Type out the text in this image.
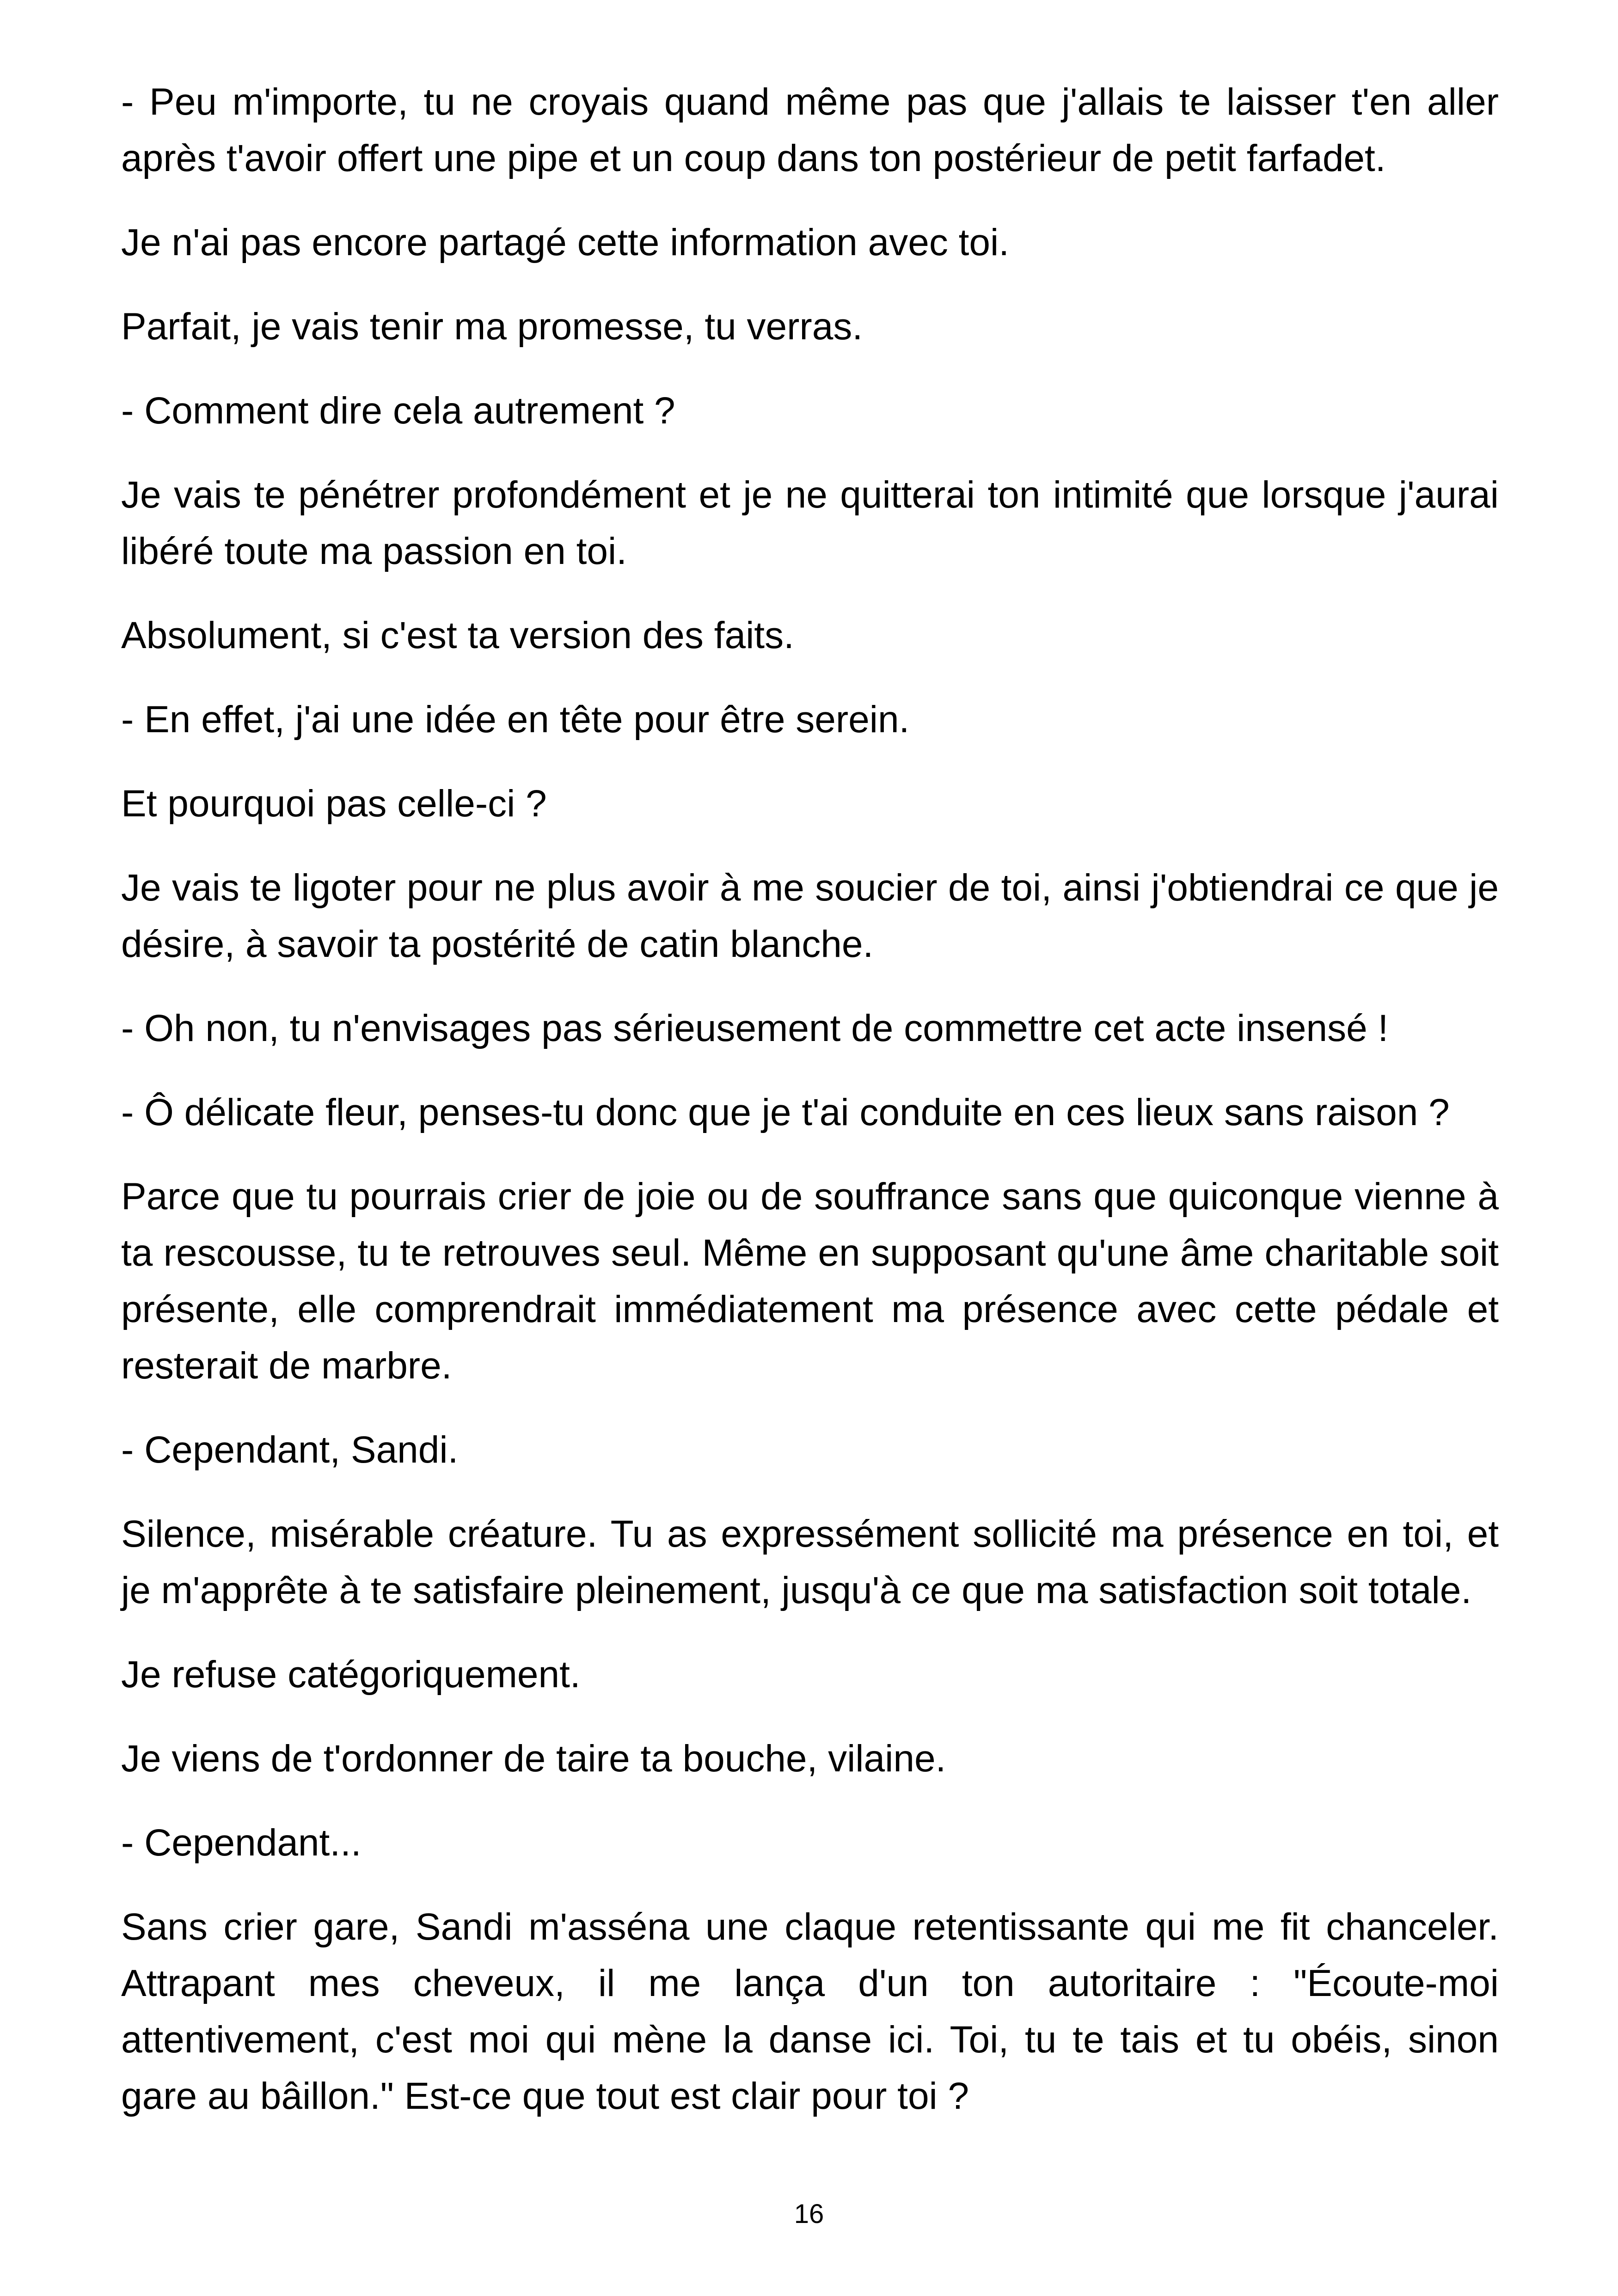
- Peu m'importe, tu ne croyais quand même pas que j'allais te laisser t'en aller après t'avoir offert une pipe et un coup dans ton postérieur de petit farfadet.

Je n'ai pas encore partagé cette information avec toi.

Parfait, je vais tenir ma promesse, tu verras.

- Comment dire cela autrement ?

Je vais te pénétrer profondément et je ne quitterai ton intimité que lorsque j'aurai libéré toute ma passion en toi.

Absolument, si c'est ta version des faits.

- En effet, j'ai une idée en tête pour être serein.

Et pourquoi pas celle-ci ?

Je vais te ligoter pour ne plus avoir à me soucier de toi, ainsi j'obtiendrai ce que je désire, à savoir ta postérité de catin blanche.

- Oh non, tu n'envisages pas sérieusement de commettre cet acte insensé !

- Ô délicate fleur, penses-tu donc que je t'ai conduite en ces lieux sans raison ?

Parce que tu pourrais crier de joie ou de souffrance sans que quiconque vienne à ta rescousse, tu te retrouves seul. Même en supposant qu'une âme charitable soit présente, elle comprendrait immédiatement ma présence avec cette pédale et resterait de marbre.

- Cependant, Sandi.

Silence, misérable créature. Tu as expressément sollicité ma présence en toi, et je m'apprête à te satisfaire pleinement, jusqu'à ce que ma satisfaction soit totale.

Je refuse catégoriquement.

Je viens de t'ordonner de taire ta bouche, vilaine.

- Cependant...

Sans crier gare, Sandi m'asséna une claque retentissante qui me fit chanceler. Attrapant mes cheveux, il me lança d'un ton autoritaire : "Écoute-moi attentivement, c'est moi qui mène la danse ici. Toi, tu te tais et tu obéis, sinon gare au bâillon." Est-ce que tout est clair pour toi ?

16
